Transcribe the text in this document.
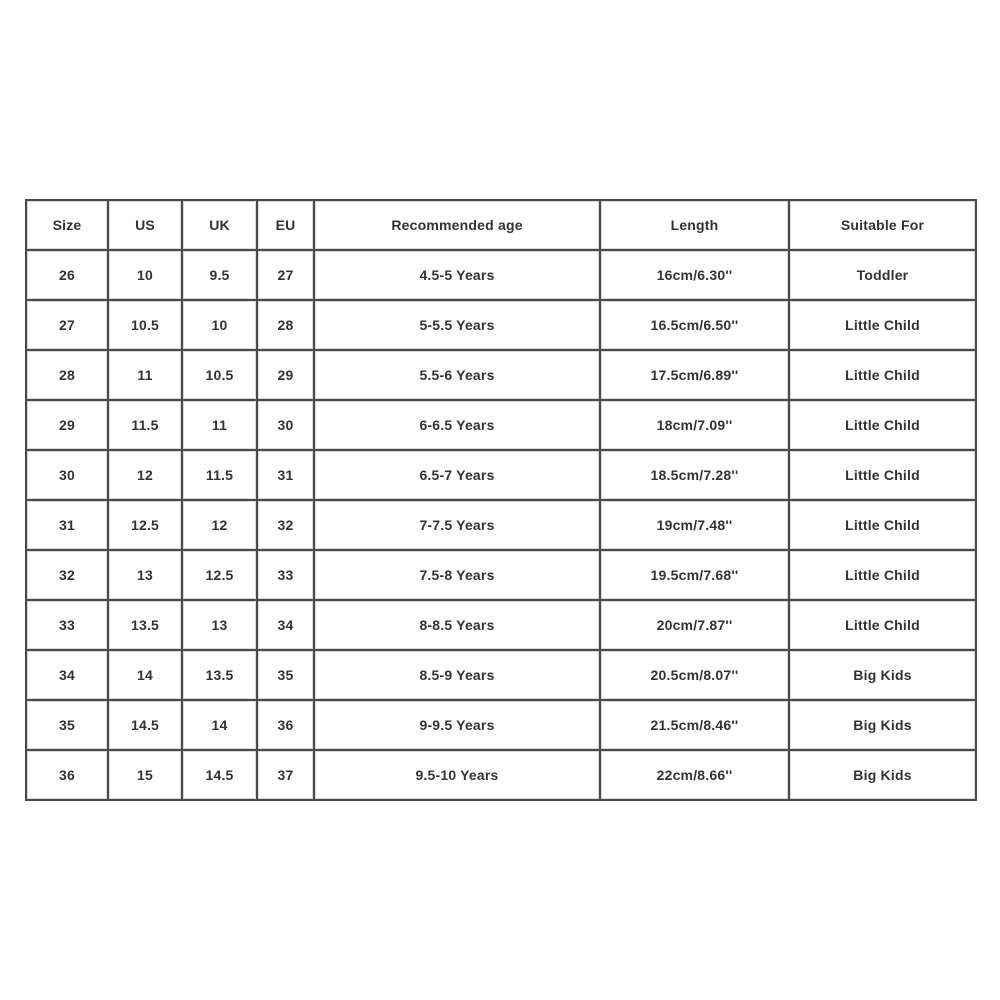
Size	US	UK	EU	Recommended age	Length	Suitable For
26	10	9.5	27	4.5-5 Years	16cm/6.30''	Toddler
27	10.5	10	28	5-5.5 Years	16.5cm/6.50''	Little Child
28	11	10.5	29	5.5-6 Years	17.5cm/6.89''	Little Child
29	11.5	11	30	6-6.5 Years	18cm/7.09''	Little Child
30	12	11.5	31	6.5-7 Years	18.5cm/7.28''	Little Child
31	12.5	12	32	7-7.5 Years	19cm/7.48''	Little Child
32	13	12.5	33	7.5-8 Years	19.5cm/7.68''	Little Child
33	13.5	13	34	8-8.5 Years	20cm/7.87''	Little Child
34	14	13.5	35	8.5-9 Years	20.5cm/8.07''	Big Kids
35	14.5	14	36	9-9.5 Years	21.5cm/8.46''	Big Kids
36	15	14.5	37	9.5-10 Years	22cm/8.66''	Big Kids
